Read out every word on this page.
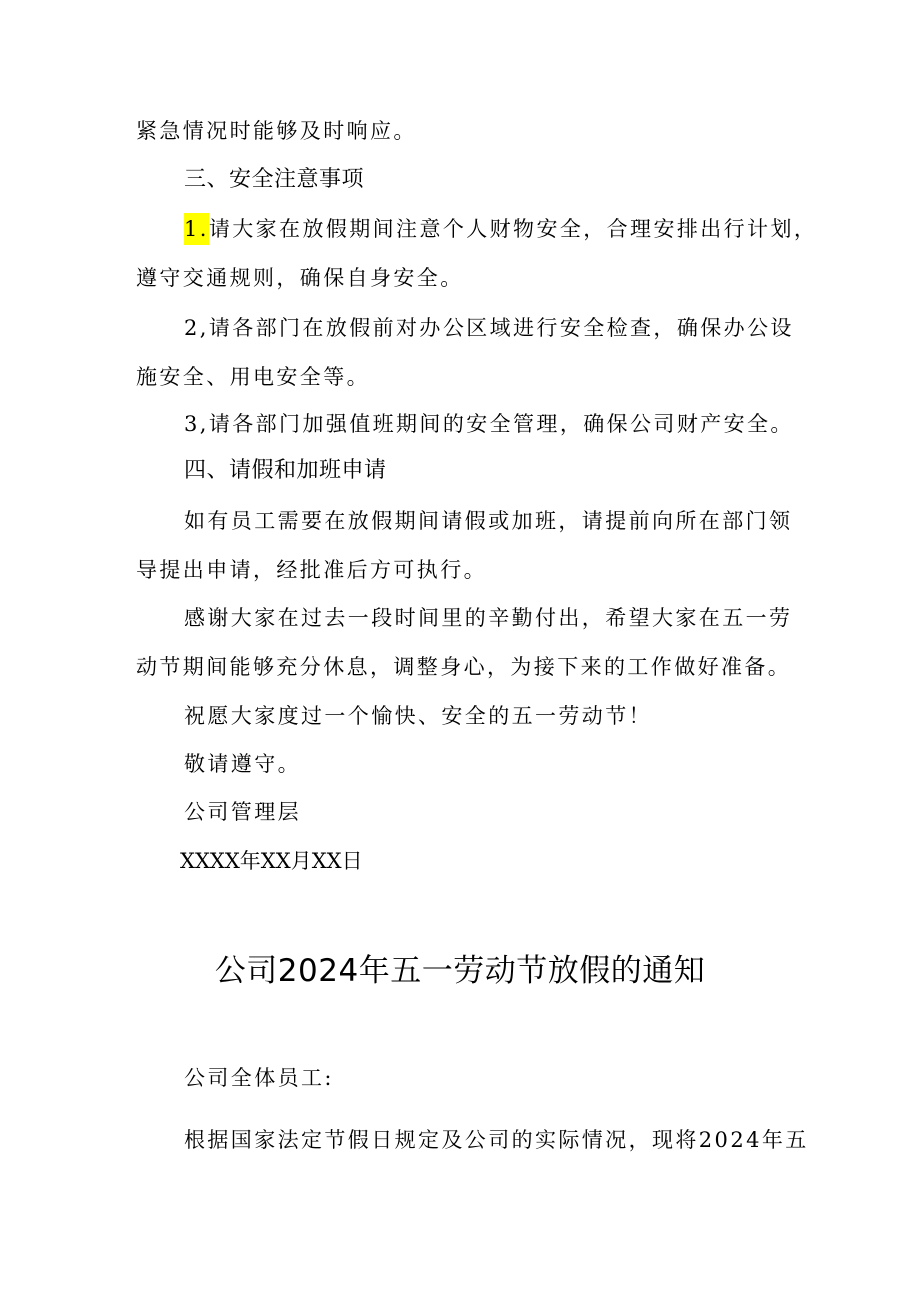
紧急情况时能够及时响应。

三、安全注意事项

1.请大家在放假期间注意个人财物安全，合理安排出行计划，

遵守交通规则，确保自身安全。

2,请各部门在放假前对办公区域进行安全检查，确保办公设

施安全、用电安全等。

3,请各部门加强值班期间的安全管理，确保公司财产安全。

四、请假和加班申请

如有员工需要在放假期间请假或加班，请提前向所在部门领

导提出申请，经批准后方可执行。

感谢大家在过去一段时间里的辛勤付出，希望大家在五一劳

动节期间能够充分休息，调整身心，为接下来的工作做好准备。

祝愿大家度过一个愉快、安全的五一劳动节！

敬请遵守。

公司管理层

XXXX年XX月XX日

公司2024年五一劳动节放假的通知

公司全体员工:

根据国家法定节假日规定及公司的实际情况，现将2024年五
